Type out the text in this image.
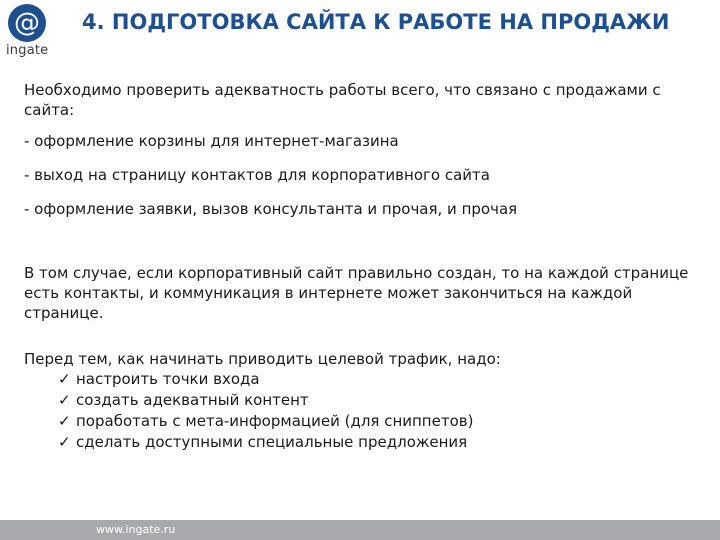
@
ingate
4. ПОДГОТОВКА САЙТА К РАБОТЕ НА ПРОДАЖИ

Необходимо проверить адекватность работы всего, что связано с продажами с сайта:

- оформление корзины для интернет-магазина

- выход на страницу контактов для корпоративного сайта

- оформление заявки, вызов консультанта и прочая, и прочая

В том случае, если корпоративный сайт правильно создан, то на каждой странице есть контакты, и коммуникация в интернете может закончиться на каждой странице.

Перед тем, как начинать приводить целевой трафик, надо:

✓ настроить точки входа
✓ создать адекватный контент
✓ поработать с мета-информацией (для сниппетов)
✓ сделать доступными специальные предложения
www.ingate.ru
